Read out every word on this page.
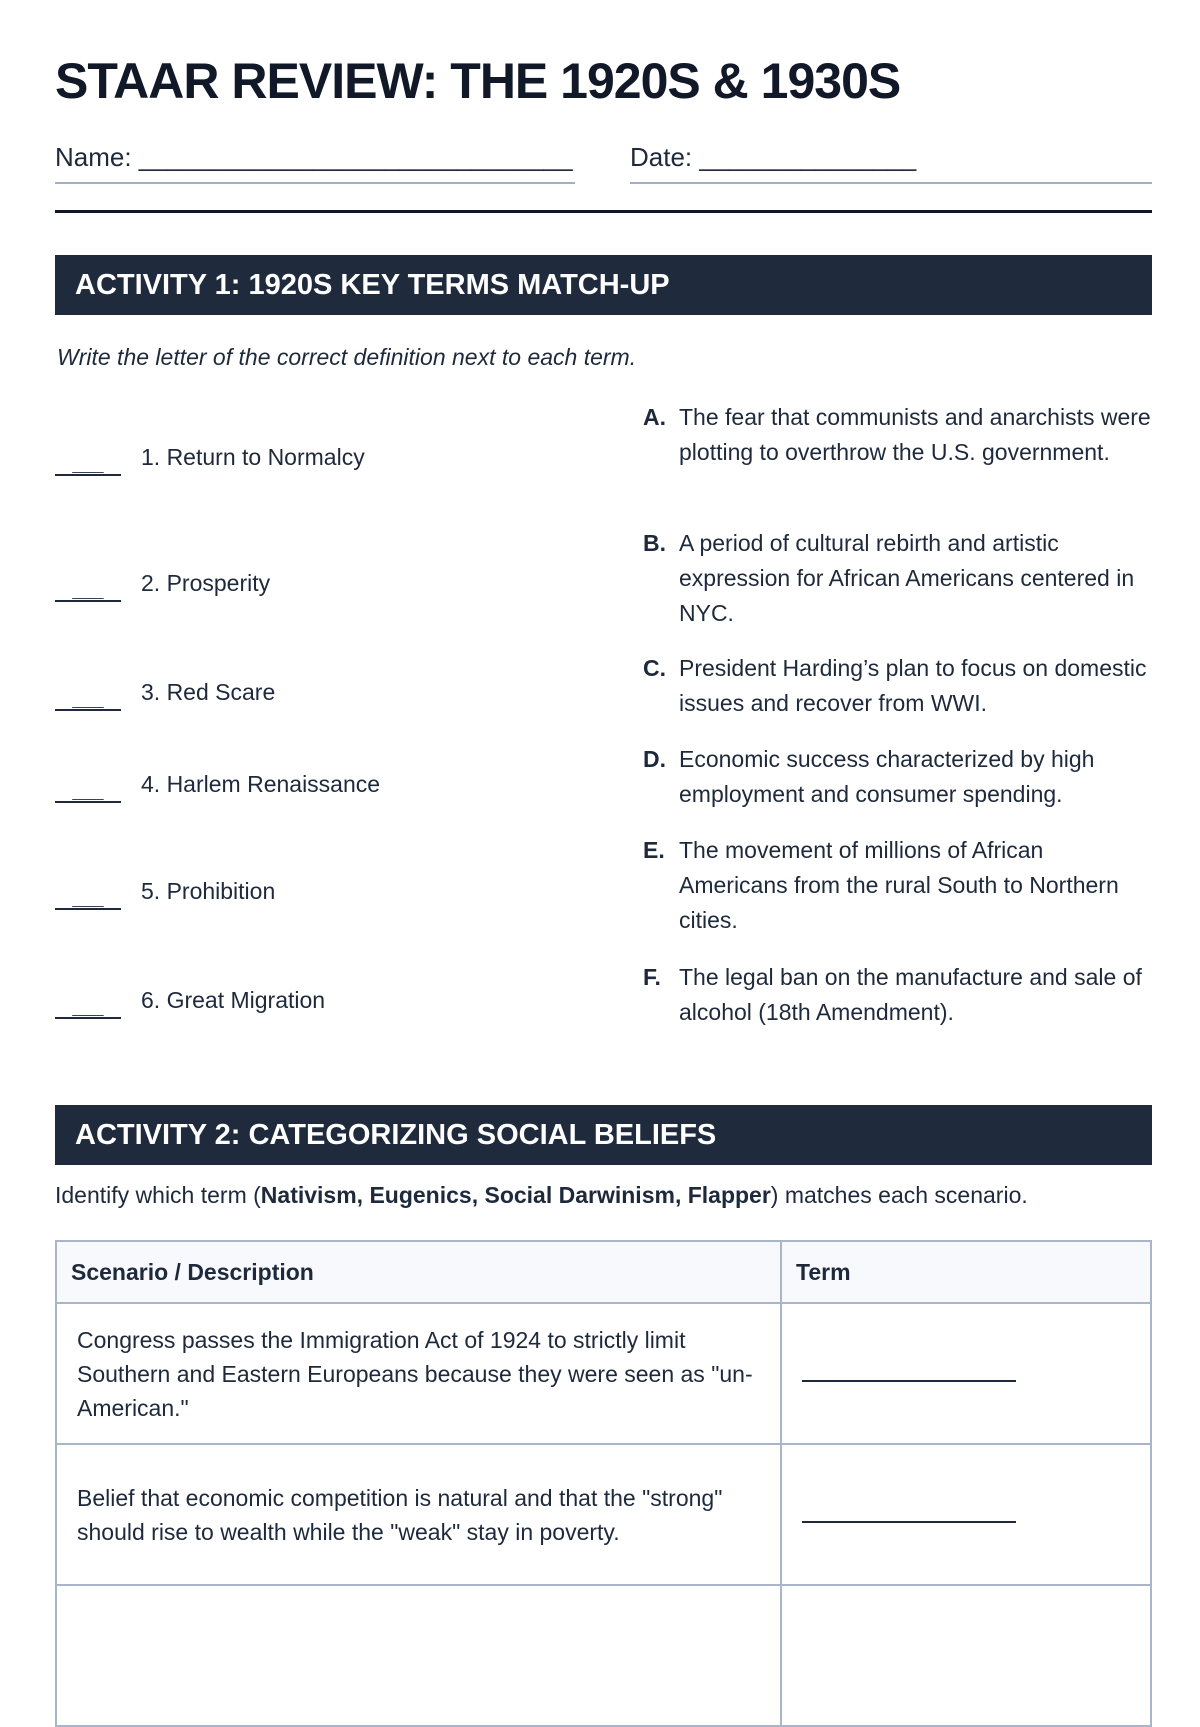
STAAR REVIEW: THE 1920S & 1930S
Name: ______________________________ Date: _______________
ACTIVITY 1: 1920S KEY TERMS MATCH-UP
Write the letter of the correct definition next to each term.
____	1. Return to Normalcy
____	2. Prosperity
____	3. Red Scare
____	4. Harlem Renaissance
____	5. Prohibition
____	6. Great Migration
A. The fear that communists and anarchists were plotting to overthrow the U.S. government.
B. A period of cultural rebirth and artistic expression for African Americans centered in NYC.
C. President Harding’s plan to focus on domestic issues and recover from WWI.
D. Economic success characterized by high employment and consumer spending.
E. The movement of millions of African Americans from the rural South to Northern cities.
F. The legal ban on the manufacture and sale of alcohol (18th Amendment).
ACTIVITY 2: CATEGORIZING SOCIAL BELIEFS
Identify which term (Nativism, Eugenics, Social Darwinism, Flapper) matches each scenario.
Scenario / Description	Term
Congress passes the Immigration Act of 1924 to strictly limit Southern and Eastern Europeans because they were seen as "un-American."	
Belief that economic competition is natural and that the "strong" should rise to wealth while the "weak" stay in poverty.	
